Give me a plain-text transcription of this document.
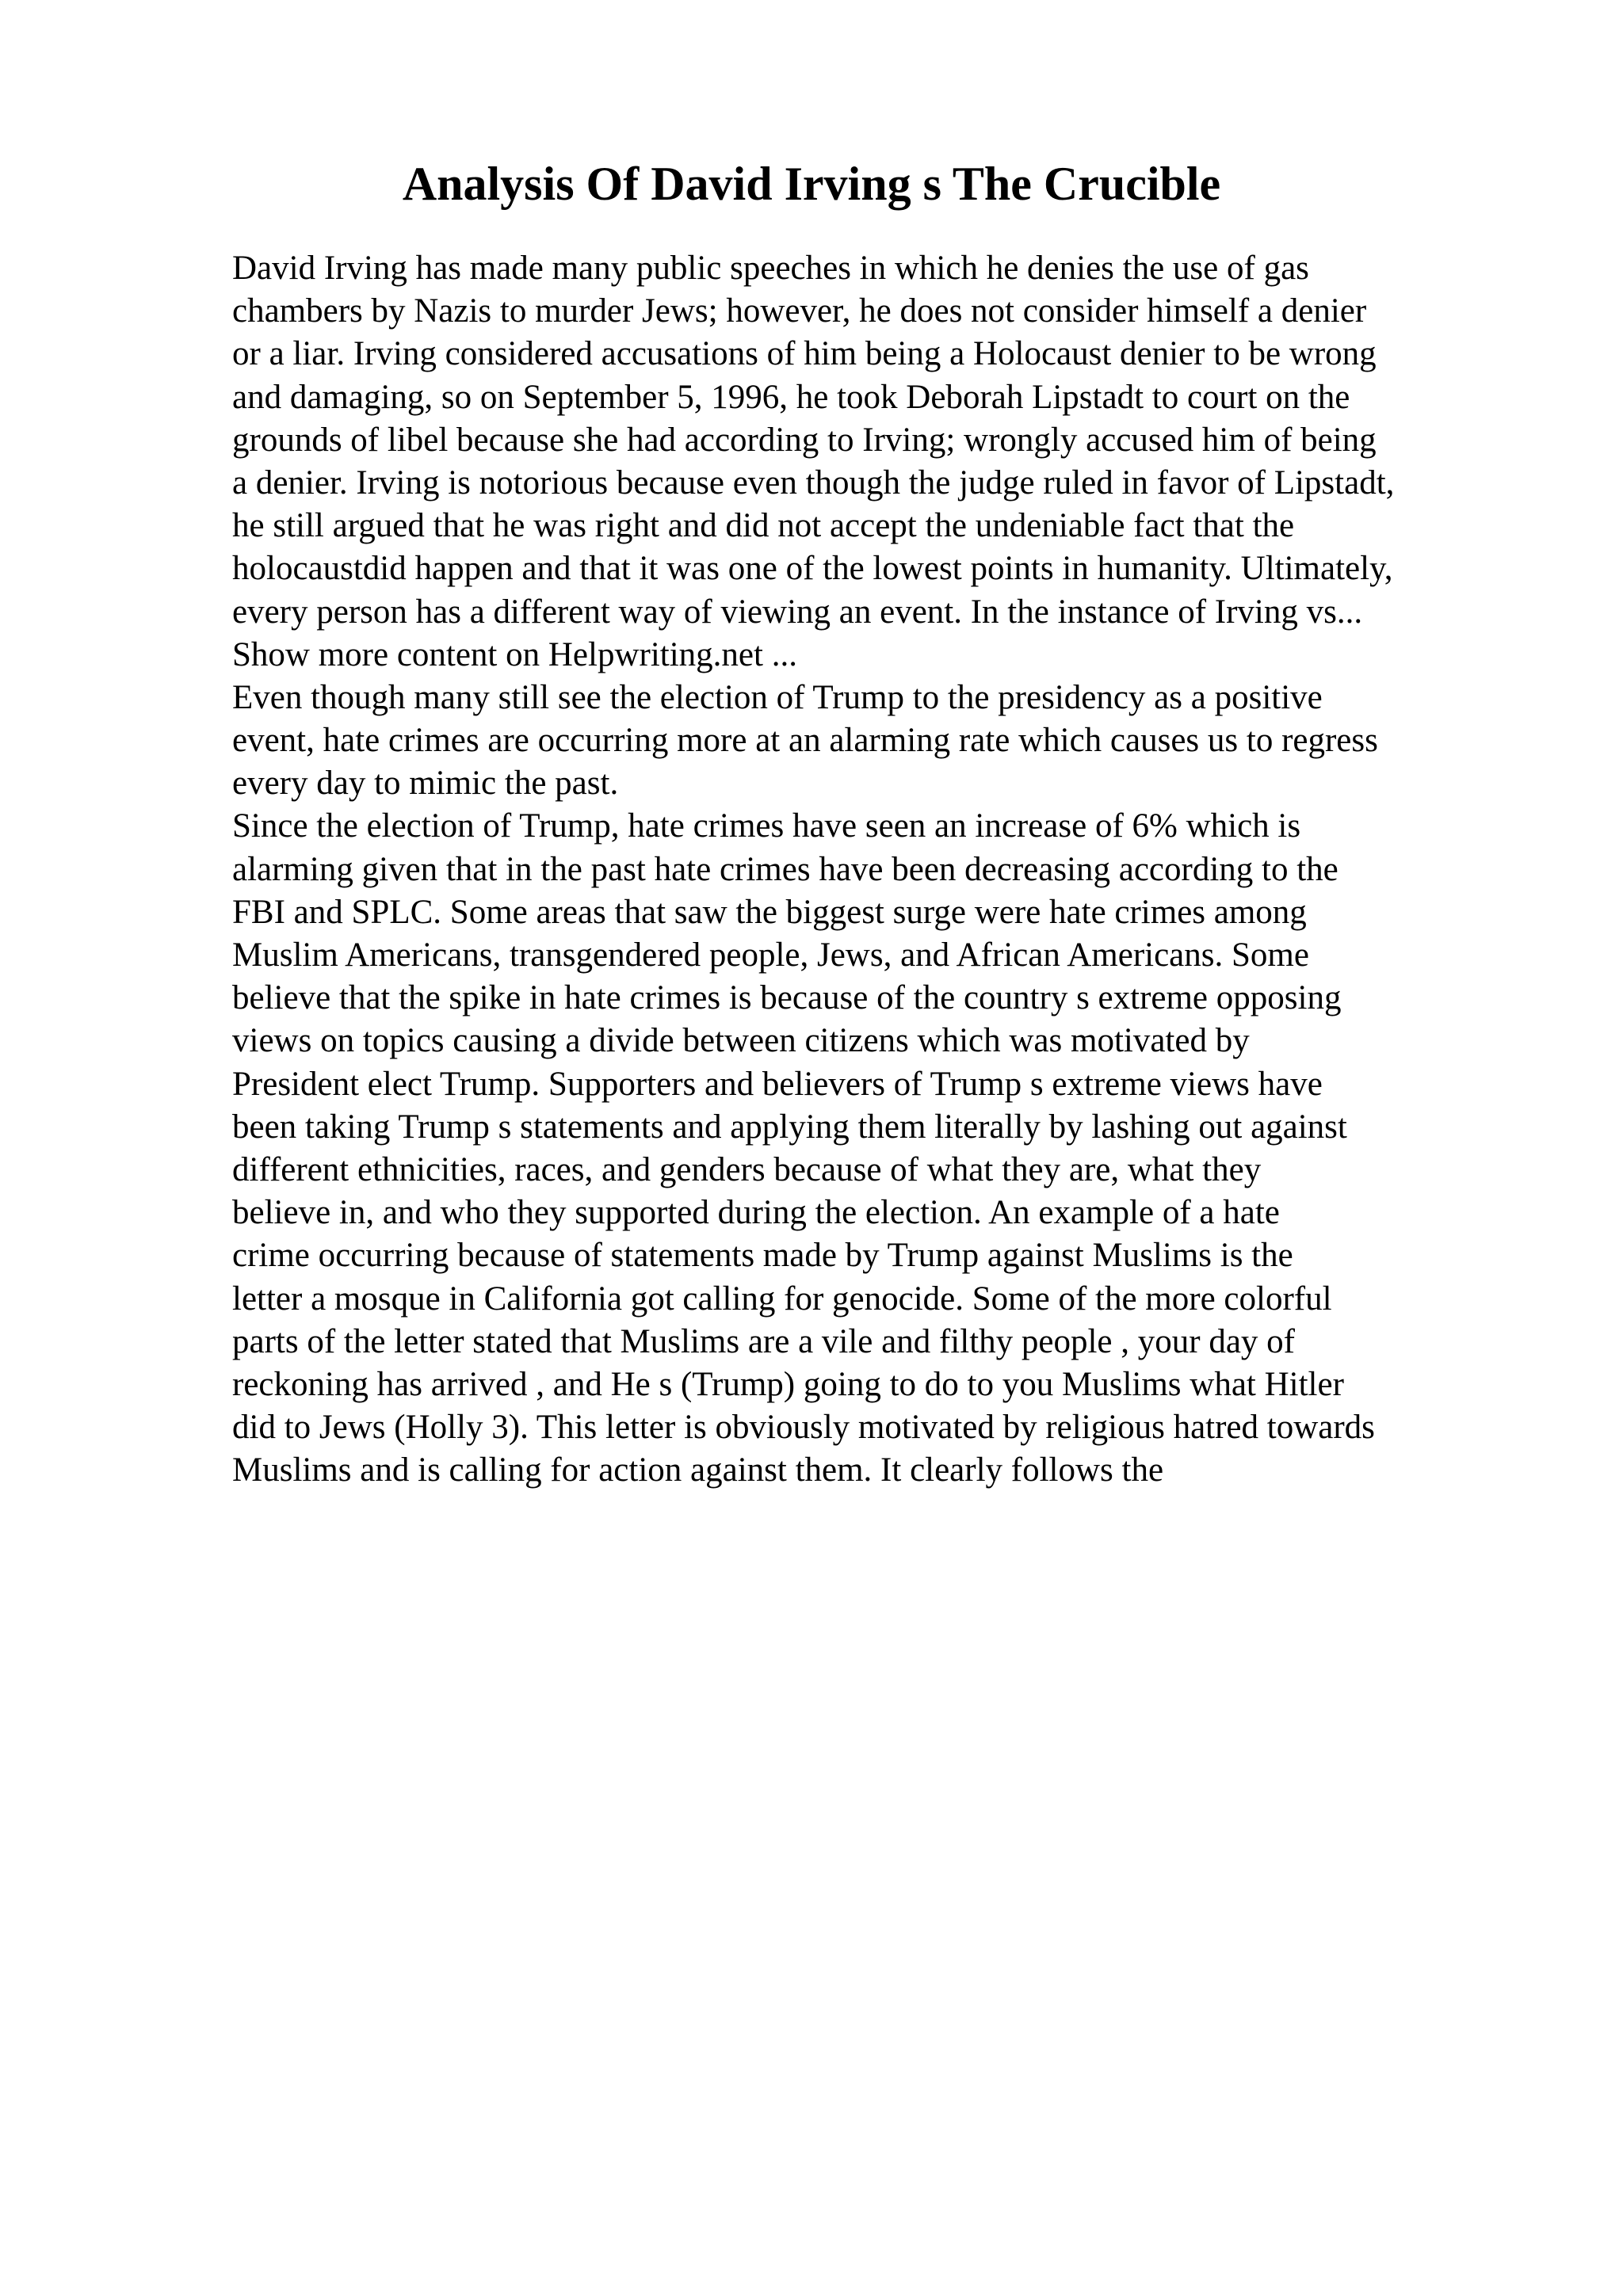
Analysis Of David Irving s The Crucible
David Irving has made many public speeches in which he denies the use of gas
chambers by Nazis to murder Jews; however, he does not consider himself a denier
or a liar. Irving considered accusations of him being a Holocaust denier to be wrong
and damaging, so on September 5, 1996, he took Deborah Lipstadt to court on the
grounds of libel because she had according to Irving; wrongly accused him of being
a denier. Irving is notorious because even though the judge ruled in favor of Lipstadt,
he still argued that he was right and did not accept the undeniable fact that the
holocaustdid happen and that it was one of the lowest points in humanity. Ultimately,
every person has a different way of viewing an event. In the instance of Irving vs...
Show more content on Helpwriting.net ...
Even though many still see the election of Trump to the presidency as a positive
event, hate crimes are occurring more at an alarming rate which causes us to regress
every day to mimic the past.
Since the election of Trump, hate crimes have seen an increase of 6% which is
alarming given that in the past hate crimes have been decreasing according to the
FBI and SPLC. Some areas that saw the biggest surge were hate crimes among
Muslim Americans, transgendered people, Jews, and African Americans. Some
believe that the spike in hate crimes is because of the country s extreme opposing
views on topics causing a divide between citizens which was motivated by
President elect Trump. Supporters and believers of Trump s extreme views have
been taking Trump s statements and applying them literally by lashing out against
different ethnicities, races, and genders because of what they are, what they
believe in, and who they supported during the election. An example of a hate
crime occurring because of statements made by Trump against Muslims is the
letter a mosque in California got calling for genocide. Some of the more colorful
parts of the letter stated that Muslims are a vile and filthy people , your day of
reckoning has arrived , and He s (Trump) going to do to you Muslims what Hitler
did to Jews (Holly 3). This letter is obviously motivated by religious hatred towards
Muslims and is calling for action against them. It clearly follows the
